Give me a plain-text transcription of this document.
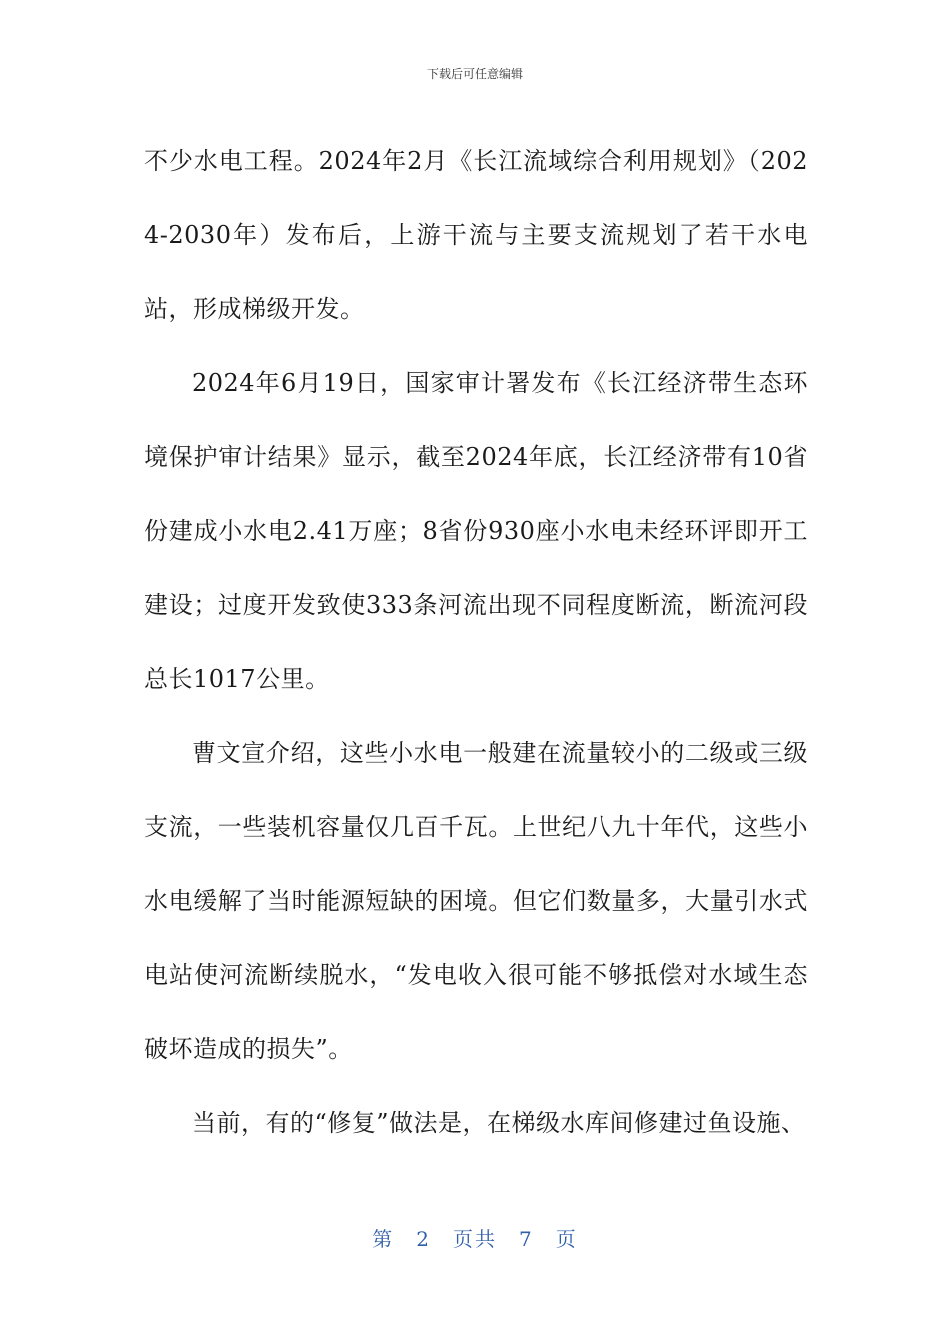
下载后可任意编辑

不少水电工程。2024年2月《长江流域综合利用规划》（2024-2030年）发布后，上游干流与主要支流规划了若干水电站，形成梯级开发。

2024年6月19日，国家审计署发布《长江经济带生态环境保护审计结果》显示，截至2024年底，长江经济带有10省份建成小水电2.41万座；8省份930座小水电未经环评即开工建设；过度开发致使333条河流出现不同程度断流，断流河段总长1017公里。

曹文宣介绍，这些小水电一般建在流量较小的二级或三级支流，一些装机容量仅几百千瓦。上世纪八九十年代，这些小水电缓解了当时能源短缺的困境。但它们数量多，大量引水式电站使河流断续脱水，“发电收入很可能不够抵偿对水域生态破坏造成的损失”。

当前，有的“修复”做法是，在梯级水库间修建过鱼设施、

第 2 页共 7 页
